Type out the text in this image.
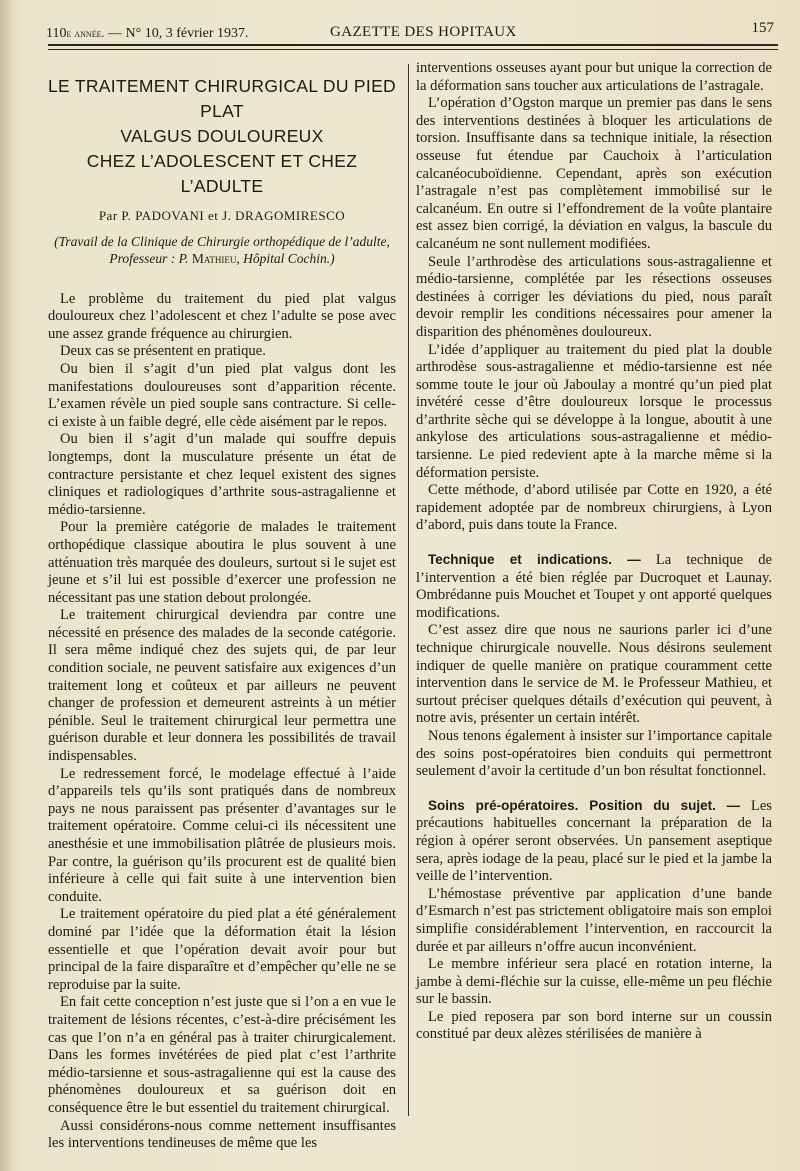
110e année. — N° 10, 3 février 1937.	GAZETTE DES HOPITAUX	157
LE TRAITEMENT CHIRURGICAL DU PIED PLAT
VALGUS DOULOUREUX
CHEZ L’ADOLESCENT ET CHEZ L’ADULTE
Par P. PADOVANI et J. DRAGOMIRESCO
(Travail de la Clinique de Chirurgie orthopédique de l’adulte,
Professeur : P. Mathieu, Hôpital Cochin.)

Le problème du traitement du pied plat valgus douloureux chez l’adolescent et chez l’adulte se pose avec une assez grande fréquence au chirurgien.

Deux cas se présentent en pratique.

Ou bien il s’agit d’un pied plat valgus dont les manifestations douloureuses sont d’apparition récente. L’examen révèle un pied souple sans contracture. Si celle-ci existe à un faible degré, elle cède aisément par le repos.

Ou bien il s’agit d’un malade qui souffre depuis longtemps, dont la musculature présente un état de contracture persistante et chez lequel existent des signes cliniques et radiologiques d’arthrite sous-astragalienne et médio-tarsienne.

Pour la première catégorie de malades le traitement orthopédique classique aboutira le plus souvent à une atténuation très marquée des douleurs, surtout si le sujet est jeune et s’il lui est possible d’exercer une profession ne nécessitant pas une station debout prolongée.

Le traitement chirurgical deviendra par contre une nécessité en présence des malades de la seconde catégorie. Il sera même indiqué chez des sujets qui, de par leur condition sociale, ne peuvent satisfaire aux exigences d’un traitement long et coûteux et par ailleurs ne peuvent changer de profession et demeurent astreints à un métier pénible. Seul le traitement chirurgical leur permettra une guérison durable et leur donnera les possibilités de travail indispensables.

Le redressement forcé, le modelage effectué à l’aide d’appareils tels qu’ils sont pratiqués dans de nombreux pays ne nous paraissent pas présenter d’avantages sur le traitement opératoire. Comme celui-ci ils nécessitent une anesthésie et une immobilisation plâtrée de plusieurs mois. Par contre, la guérison qu’ils procurent est de qualité bien inférieure à celle qui fait suite à une intervention bien conduite.

Le traitement opératoire du pied plat a été généralement dominé par l’idée que la déformation était la lésion essentielle et que l’opération devait avoir pour but principal de la faire disparaître et d’empêcher qu’elle ne se reproduise par la suite.

En fait cette conception n’est juste que si l’on a en vue le traitement de lésions récentes, c’est-à-dire précisément les cas que l’on n’a en général pas à traiter chirurgicalement. Dans les formes invétérées de pied plat c’est l’arthrite médio-tarsienne et sous-astragalienne qui est la cause des phénomènes douloureux et sa guérison doit en conséquence être le but essentiel du traitement chirurgical.

Aussi considérons-nous comme nettement insuffisantes les interventions tendineuses de même que les

interventions osseuses ayant pour but unique la correction de la déformation sans toucher aux articulations de l’astragale.

L’opération d’Ogston marque un premier pas dans le sens des interventions destinées à bloquer les articulations de torsion. Insuffisante dans sa technique initiale, la résection osseuse fut étendue par Cauchoix à l’articulation calcanéocuboïdienne. Cependant, après son exécution l’astragale n’est pas complètement immobilisé sur le calcanéum. En outre si l’effondrement de la voûte plantaire est assez bien corrigé, la déviation en valgus, la bascule du calcanéum ne sont nullement modifiées.

Seule l’arthrodèse des articulations sous-astragalienne et médio-tarsienne, complétée par les résections osseuses destinées à corriger les déviations du pied, nous paraît devoir remplir les conditions nécessaires pour amener la disparition des phénomènes douloureux.

L’idée d’appliquer au traitement du pied plat la double arthrodèse sous-astragalienne et médio-tarsienne est née somme toute le jour où Jaboulay a montré qu’un pied plat invétéré cesse d’être douloureux lorsque le processus d’arthrite sèche qui se développe à la longue, aboutit à une ankylose des articulations sous-astragalienne et médio-tarsienne. Le pied redevient apte à la marche même si la déformation persiste.

Cette méthode, d’abord utilisée par Cotte en 1920, a été rapidement adoptée par de nombreux chirurgiens, à Lyon d’abord, puis dans toute la France.

Technique et indications. — La technique de l’intervention a été bien réglée par Ducroquet et Launay. Ombrédanne puis Mouchet et Toupet y ont apporté quelques modifications.

C’est assez dire que nous ne saurions parler ici d’une technique chirurgicale nouvelle. Nous désirons seulement indiquer de quelle manière on pratique couramment cette intervention dans le service de M. le Professeur Mathieu, et surtout préciser quelques détails d’exécution qui peuvent, à notre avis, présenter un certain intérêt.

Nous tenons également à insister sur l’importance capitale des soins post-opératoires bien conduits qui permettront seulement d’avoir la certitude d’un bon résultat fonctionnel.

Soins pré-opératoires. Position du sujet. — Les précautions habituelles concernant la préparation de la région à opérer seront observées. Un pansement aseptique sera, après iodage de la peau, placé sur le pied et la jambe la veille de l’intervention.

L’hémostase préventive par application d’une bande d’Esmarch n’est pas strictement obligatoire mais son emploi simplifie considérablement l’intervention, en raccourcit la durée et par ailleurs n’offre aucun inconvénient.

Le membre inférieur sera placé en rotation interne, la jambe à demi-fléchie sur la cuisse, elle-même un peu fléchie sur le bassin.

Le pied reposera par son bord interne sur un coussin constitué par deux alèzes stérilisées de manière à
